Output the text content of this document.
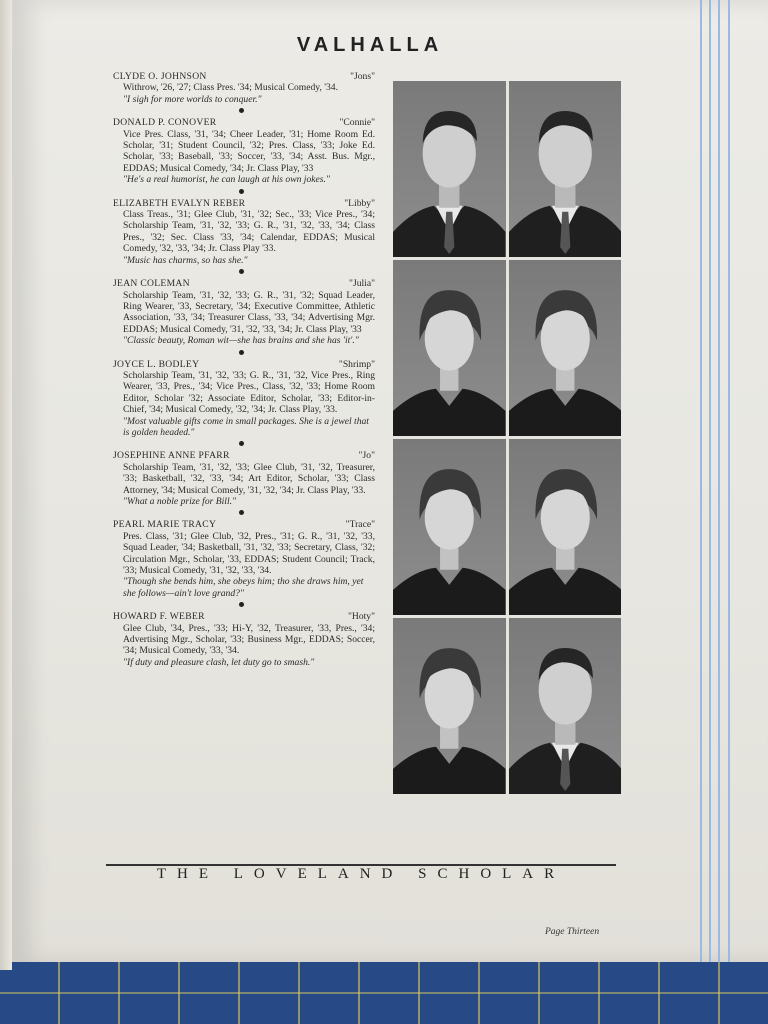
VALHALLA
CLYDE O. JOHNSON	"Jons"
Withrow, '26, '27; Class Pres. '34; Musical Comedy, '34.
"I sigh for more worlds to conquer."
DONALD P. CONOVER	"Connie"
Vice Pres. Class, '31, '34; Cheer Leader, '31; Home Room Ed. Scholar, '31; Student Council, '32; Pres. Class, '33; Joke Ed. Scholar, '33; Baseball, '33; Soccer, '33, '34; Asst. Bus. Mgr., EDDAS; Musical Comedy, '34; Jr. Class Play, '33
"He's a real humorist, he can laugh at his own jokes."
ELIZABETH EVALYN REBER	"Libby"
Class Treas., '31; Glee Club, '31, '32; Sec., '33; Vice Pres., '34; Scholarship Team, '31, '32, '33; G. R., '31, '32, '33, '34; Class Pres., '32; Sec. Class '33, '34; Calendar, EDDAS; Musical Comedy, '32, '33, '34; Jr. Class Play '33.
"Music has charms, so has she."
JEAN COLEMAN	"Julia"
Scholarship Team, '31, '32, '33; G. R., '31, '32; Squad Leader, Ring Wearer, '33, Secretary, '34; Executive Committee, Athletic Association, '33, '34; Treasurer Class, '33, '34; Advertising Mgr. EDDAS; Musical Comedy, '31, '32, '33, '34; Jr. Class Play, '33
"Classic beauty, Roman wit—she has brains and she has 'it'."
JOYCE L. BODLEY	"Shrimp"
Scholarship Team, '31, '32, '33; G. R., '31, '32, Vice Pres., Ring Wearer, '33, Pres., '34; Vice Pres., Class, '32, '33; Home Room Editor, Scholar '32; Associate Editor, Scholar, '33; Editor-in-Chief, '34; Musical Comedy, '32, '34; Jr. Class Play, '33.
"Most valuable gifts come in small packages. She is a jewel that is golden headed."
JOSEPHINE ANNE PFARR	"Jo"
Scholarship Team, '31, '32, '33; Glee Club, '31, '32, Treasurer, '33; Basketball, '32, '33, '34; Art Editor, Scholar, '33; Class Attorney, '34; Musical Comedy, '31, '32, '34; Jr. Class Play, '33.
"What a noble prize for Bill."
PEARL MARIE TRACY	"Trace"
Pres. Class, '31; Glee Club, '32, Pres., '31; G. R., '31, '32, '33, Squad Leader, '34; Basketball, '31, '32, '33; Secretary, Class, '32; Circulation Mgr., Scholar, '33, EDDAS; Student Council; Track, '33; Musical Comedy, '31, '32, '33, '34.
"Though she bends him, she obeys him; tho she draws him, yet she follows—ain't love grand?"
HOWARD F. WEBER	"Hoty"
Glee Club, '34, Pres., '33; Hi-Y, '32, Treasurer, '33, Pres., '34; Advertising Mgr., Scholar, '33; Business Mgr., EDDAS; Soccer, '34; Musical Comedy, '33, '34.
"If duty and pleasure clash, let duty go to smash."
THE LOVELAND SCHOLAR
Page Thirteen
